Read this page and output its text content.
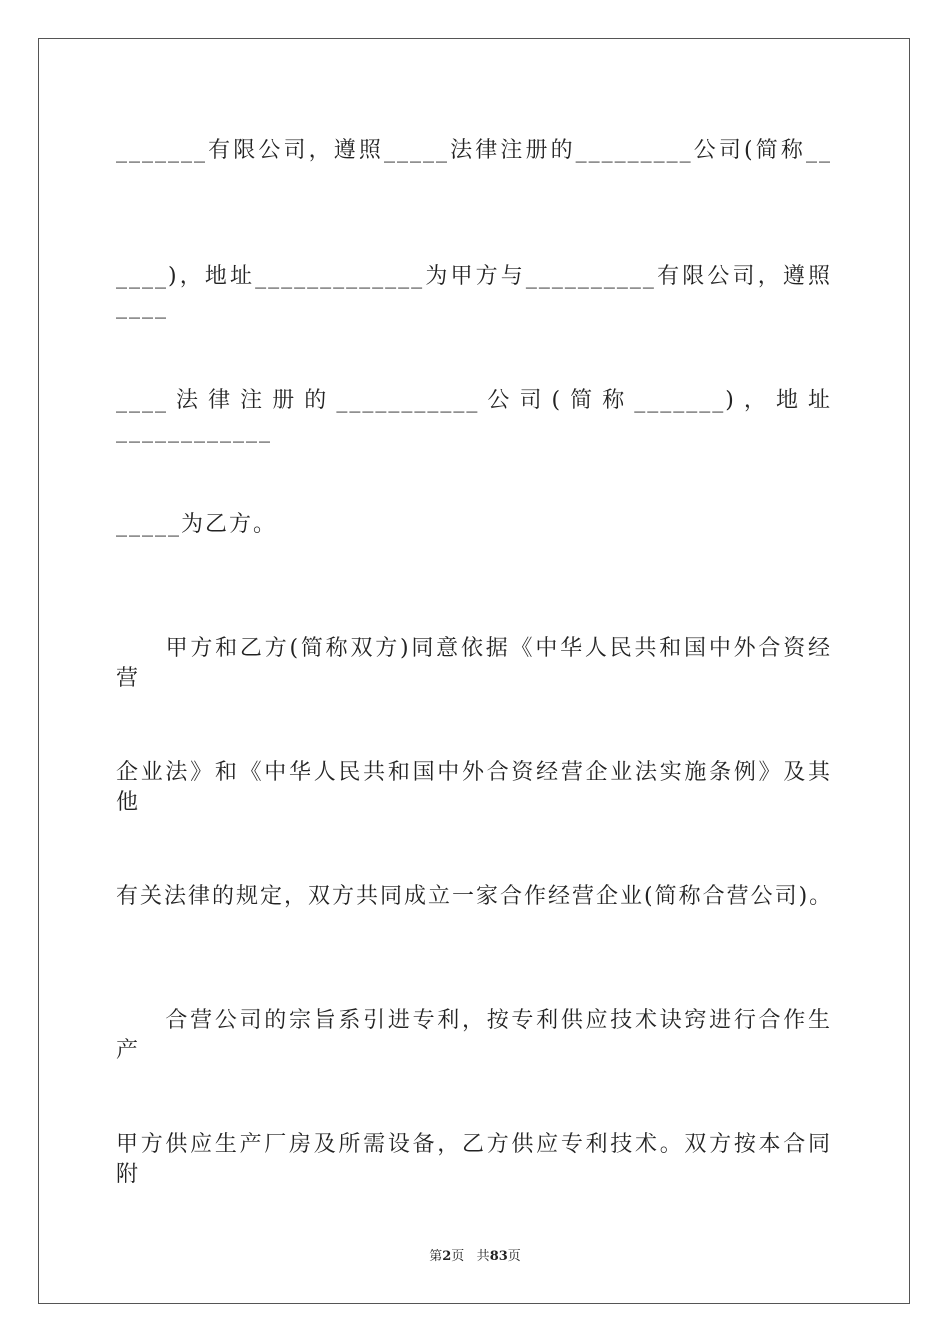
_______有限公司，遵照_____法律注册的_________公司(简称__
____)，地址_____________为甲方与__________有限公司，遵照____
____法律注册的___________公司(简称_______)，地址____________
_____为乙方。
　　甲方和乙方(简称双方)同意依据《中华人民共和国中外合资经营
企业法》和《中华人民共和国中外合资经营企业法实施条例》及其他
有关法律的规定，双方共同成立一家合作经营企业(简称合营公司)。
　　合营公司的宗旨系引进专利，按专利供应技术诀窍进行合作生产
甲方供应生产厂房及所需设备，乙方供应专利技术。双方按本合同附
第2页 共83页
